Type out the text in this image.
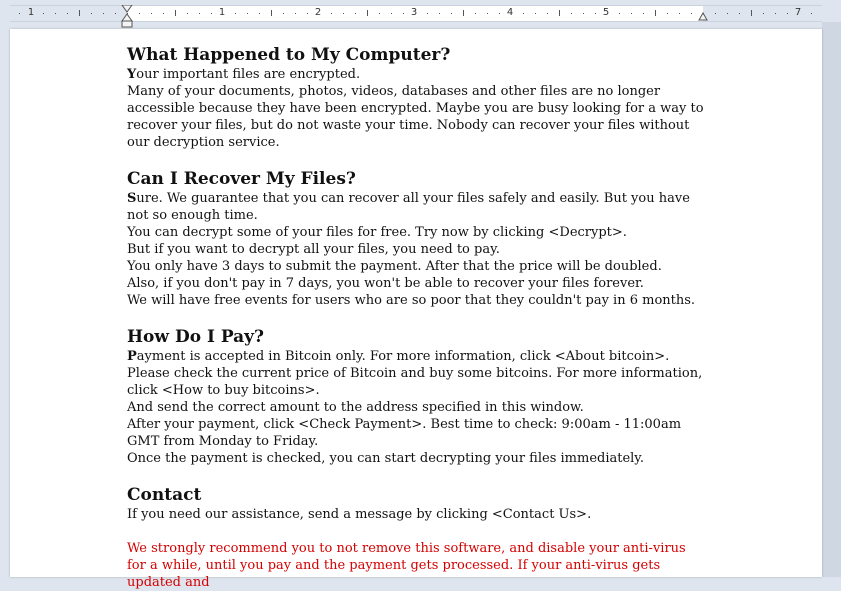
1	1	2	3	4	5	7
What Happened to My Computer?

Your important files are encrypted.

Many of your documents, photos, videos, databases and other files are no longer accessible because they have been encrypted. Maybe you are busy looking for a way to recover your files, but do not waste your time. Nobody can recover your files without our decryption service.

Can I Recover My Files?

Sure. We guarantee that you can recover all your files safely and easily. But you have not so enough time.

You can decrypt some of your files for free. Try now by clicking <Decrypt>.

But if you want to decrypt all your files, you need to pay.

You only have 3 days to submit the payment. After that the price will be doubled.

Also, if you don't pay in 7 days, you won't be able to recover your files forever.

We will have free events for users who are so poor that they couldn't pay in 6 months.

How Do I Pay?

Payment is accepted in Bitcoin only. For more information, click <About bitcoin>.

Please check the current price of Bitcoin and buy some bitcoins. For more information, click <How to buy bitcoins>.

And send the correct amount to the address specified in this window.

After your payment, click <Check Payment>. Best time to check: 9:00am - 11:00am GMT from Monday to Friday.

Once the payment is checked, you can start decrypting your files immediately.

Contact

If you need our assistance, send a message by clicking <Contact Us>.

We strongly recommend you to not remove this software, and disable your anti-virus for a while, until you pay and the payment gets processed. If your anti-virus gets updated and
